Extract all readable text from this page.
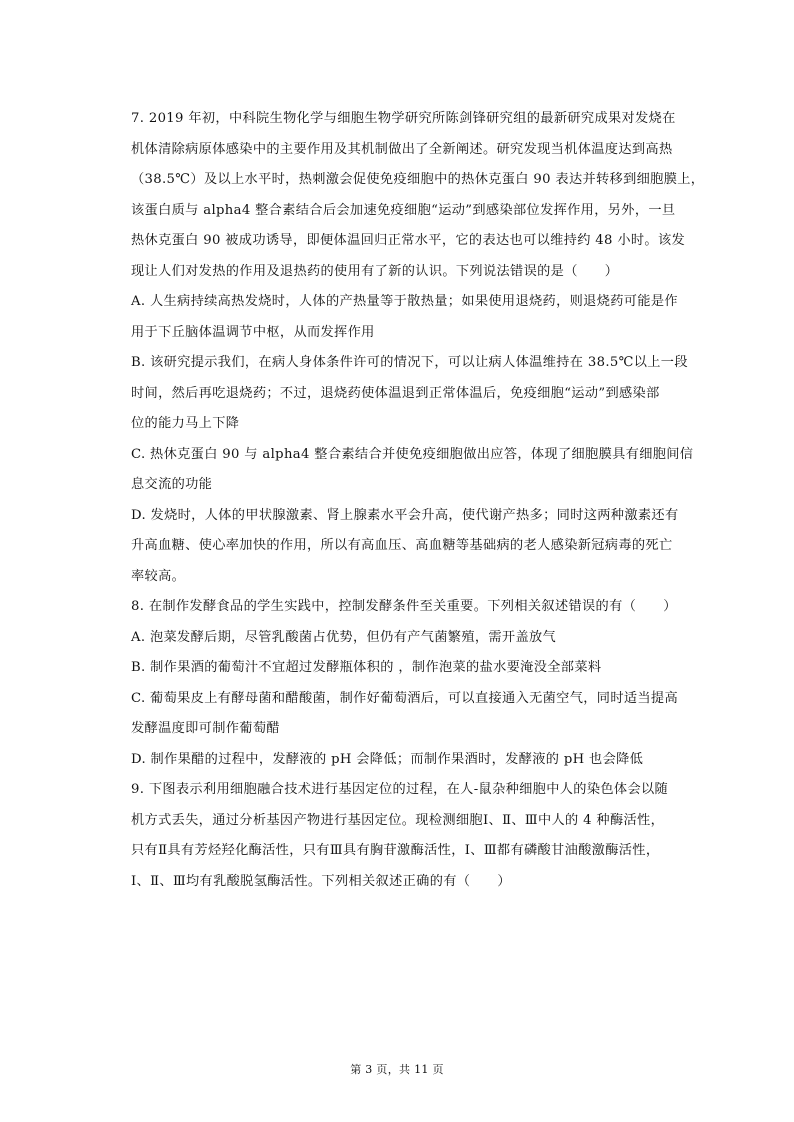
7. 2019 年初，中科院生物化学与细胞生物学研究所陈剑锋研究组的最新研究成果对发烧在
机体清除病原体感染中的主要作用及其机制做出了全新阐述。研究发现当机体温度达到高热
（38.5℃）及以上水平时，热刺激会促使免疫细胞中的热休克蛋白 90 表达并转移到细胞膜上，
该蛋白质与 alpha4 整合素结合后会加速免疫细胞“运动”到感染部位发挥作用，另外，一旦
热休克蛋白 90 被成功诱导，即便体温回归正常水平，它的表达也可以维持约 48 小时。该发
现让人们对发热的作用及退热药的使用有了新的认识。下列说法错误的是（　　）
A. 人生病持续高热发烧时，人体的产热量等于散热量；如果使用退烧药，则退烧药可能是作
用于下丘脑体温调节中枢，从而发挥作用
B. 该研究提示我们，在病人身体条件许可的情况下，可以让病人体温维持在 38.5℃以上一段
时间，然后再吃退烧药；不过，退烧药使体温退到正常体温后，免疫细胞“运动”到感染部
位的能力马上下降
C. 热休克蛋白 90 与 alpha4 整合素结合并使免疫细胞做出应答，体现了细胞膜具有细胞间信
息交流的功能
D. 发烧时，人体的甲状腺激素、肾上腺素水平会升高，使代谢产热多；同时这两种激素还有
升高血糖、使心率加快的作用，所以有高血压、高血糖等基础病的老人感染新冠病毒的死亡
率较高。
8. 在制作发酵食品的学生实践中，控制发酵条件至关重要。下列相关叙述错误的有（　　）
A. 泡菜发酵后期，尽管乳酸菌占优势，但仍有产气菌繁殖，需开盖放气
B. 制作果酒的葡萄汁不宜超过发酵瓶体积的 ，制作泡菜的盐水要淹没全部菜料
C. 葡萄果皮上有酵母菌和醋酸菌，制作好葡萄酒后，可以直接通入无菌空气，同时适当提高
发酵温度即可制作葡萄醋
D. 制作果醋的过程中，发酵液的 pH 会降低；而制作果酒时，发酵液的 pH 也会降低
9. 下图表示利用细胞融合技术进行基因定位的过程，在人-鼠杂种细胞中人的染色体会以随
机方式丢失，通过分析基因产物进行基因定位。现检测细胞Ⅰ、Ⅱ、Ⅲ中人的 4 种酶活性，
只有Ⅱ具有芳烃羟化酶活性，只有Ⅲ具有胸苷激酶活性，Ⅰ、Ⅲ都有磷酸甘油酸激酶活性，
Ⅰ、Ⅱ、Ⅲ均有乳酸脱氢酶活性。下列相关叙述正确的有（　　）
第 3 页，共 11 页
